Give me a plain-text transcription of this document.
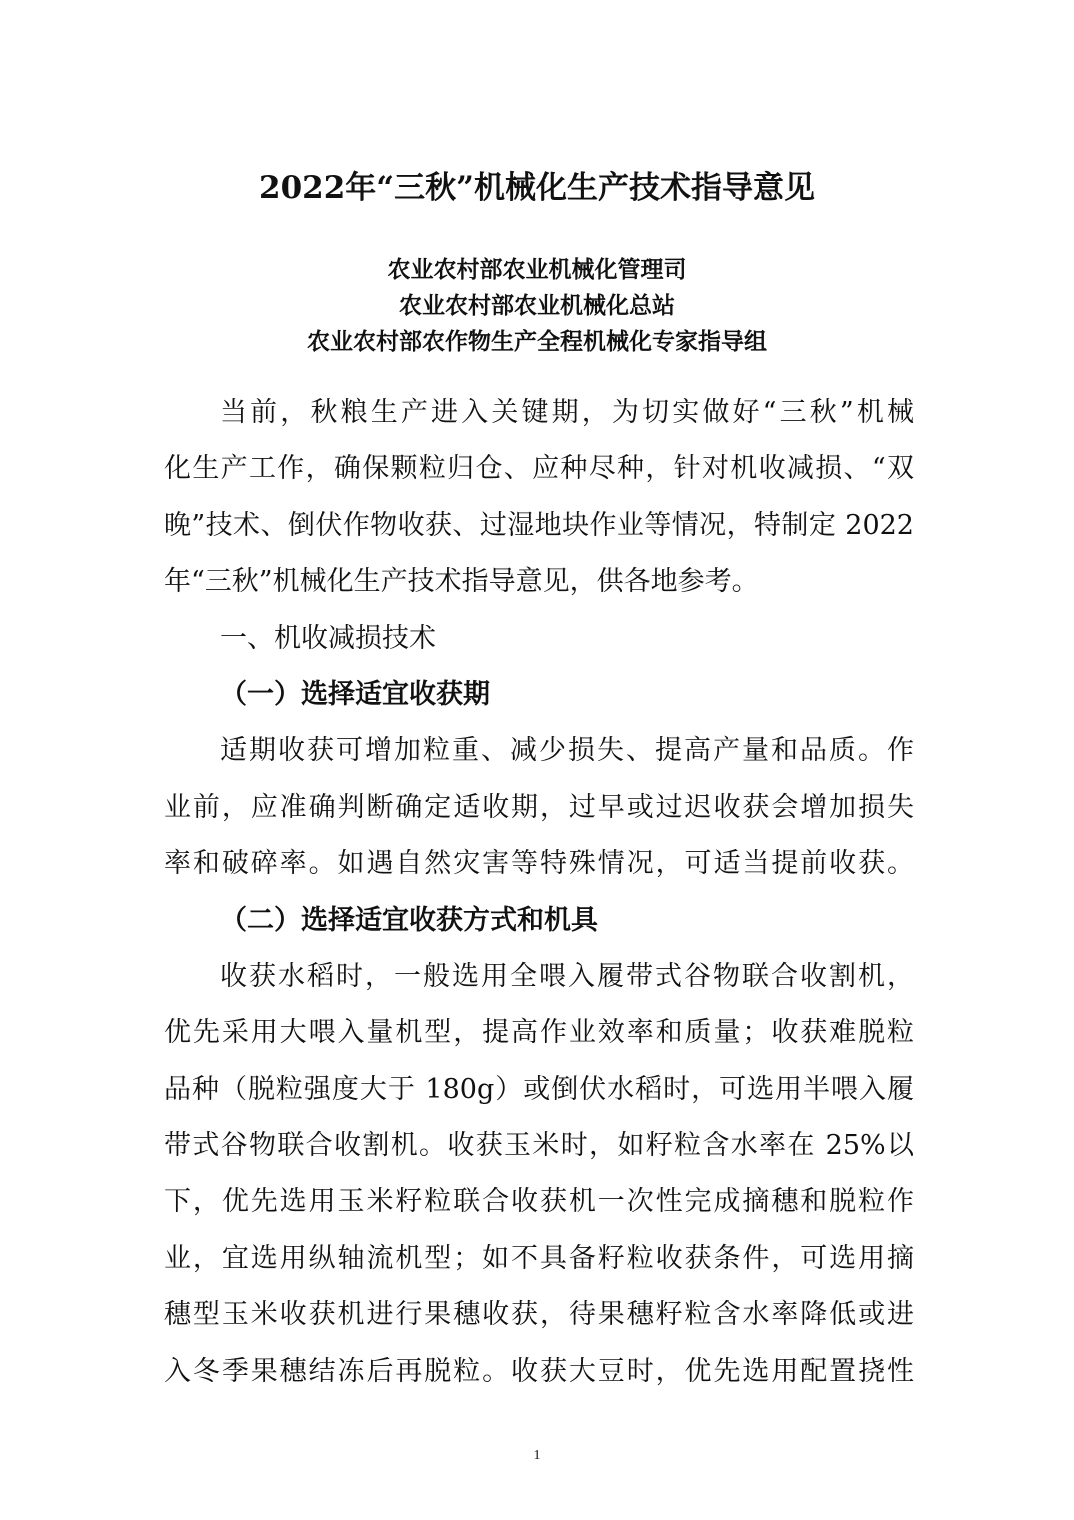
2022年“三秋”机械化生产技术指导意见
农业农村部农业机械化管理司
农业农村部农业机械化总站
农业农村部农作物生产全程机械化专家指导组
当前，秋粮生产进入关键期，为切实做好“三秋”机械
化生产工作，确保颗粒归仓、应种尽种，针对机收减损、“双
晚”技术、倒伏作物收获、过湿地块作业等情况，特制定 2022
年“三秋”机械化生产技术指导意见，供各地参考。
一、机收减损技术
（一）选择适宜收获期
适期收获可增加粒重、减少损失、提高产量和品质。作
业前，应准确判断确定适收期，过早或过迟收获会增加损失
率和破碎率。如遇自然灾害等特殊情况，可适当提前收获。
（二）选择适宜收获方式和机具
收获水稻时，一般选用全喂入履带式谷物联合收割机，
优先采用大喂入量机型，提高作业效率和质量；收获难脱粒
品种（脱粒强度大于 180g）或倒伏水稻时，可选用半喂入履
带式谷物联合收割机。收获玉米时，如籽粒含水率在 25%以
下，优先选用玉米籽粒联合收获机一次性完成摘穗和脱粒作
业，宜选用纵轴流机型；如不具备籽粒收获条件，可选用摘
穗型玉米收获机进行果穗收获，待果穗籽粒含水率降低或进
入冬季果穗结冻后再脱粒。收获大豆时，优先选用配置挠性
1
